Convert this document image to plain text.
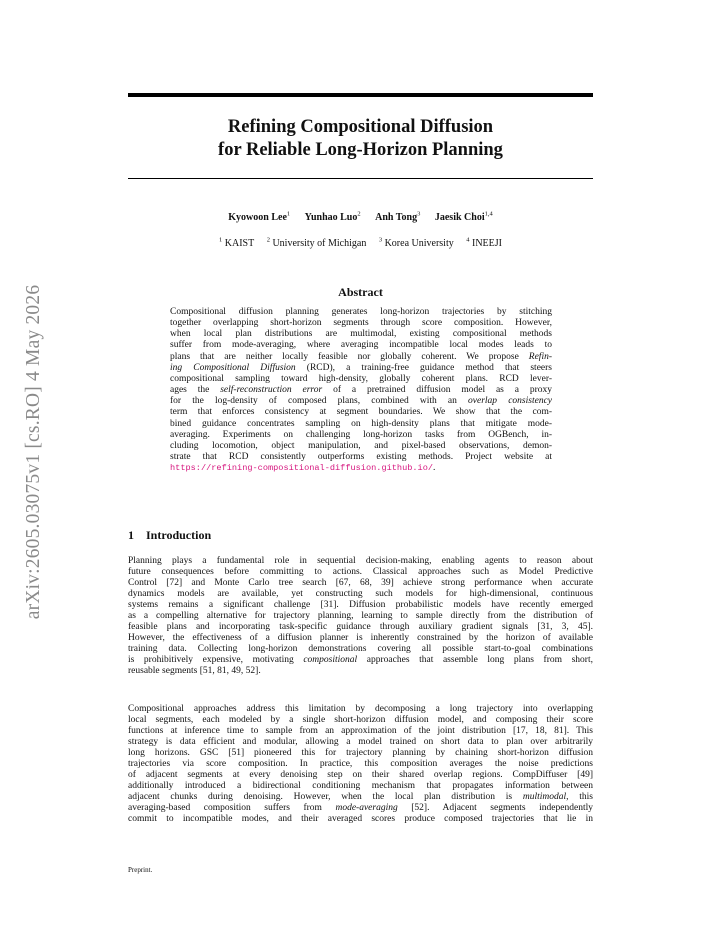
arXiv:2605.03075v1 [cs.RO] 4 May 2026
Refining Compositional Diffusion
for Reliable Long-Horizon Planning
Kyowoon Lee$^1$ Yunhao Luo$^2$ Anh Tong$^3$ Jaesik Choi$^{1,4}$
$^1$ KAIST $^2$ University of Michigan $^3$ Korea University $^4$ INEEJI
Abstract
Compositional diffusion planning generates long-horizon trajectories by stitching
together overlapping short-horizon segments through score composition. However,
when local plan distributions are multimodal, existing compositional methods
suffer from mode-averaging, where averaging incompatible local modes leads to
plans that are neither locally feasible nor globally coherent. We propose Refin-
ing Compositional Diffusion (RCD), a training-free guidance method that steers
compositional sampling toward high-density, globally coherent plans. RCD lever-
ages the self-reconstruction error of a pretrained diffusion model as a proxy
for the log-density of composed plans, combined with an overlap consistency
term that enforces consistency at segment boundaries. We show that the com-
bined guidance concentrates sampling on high-density plans that mitigate mode-
averaging. Experiments on challenging long-horizon tasks from OGBench, in-
cluding locomotion, object manipulation, and pixel-based observations, demon-
strate that RCD consistently outperforms existing methods. Project website at
https://refining-compositional-diffusion.github.io/.
1 Introduction
Planning plays a fundamental role in sequential decision-making, enabling agents to reason about
future consequences before committing to actions. Classical approaches such as Model Predictive
Control [72] and Monte Carlo tree search [67, 68, 39] achieve strong performance when accurate
dynamics models are available, yet constructing such models for high-dimensional, continuous
systems remains a significant challenge [31]. Diffusion probabilistic models have recently emerged
as a compelling alternative for trajectory planning, learning to sample directly from the distribution of
feasible plans and incorporating task-specific guidance through auxiliary gradient signals [31, 3, 45].
However, the effectiveness of a diffusion planner is inherently constrained by the horizon of available
training data. Collecting long-horizon demonstrations covering all possible start-to-goal combinations
is prohibitively expensive, motivating compositional approaches that assemble long plans from short,
reusable segments [51, 81, 49, 52].
Compositional approaches address this limitation by decomposing a long trajectory into overlapping
local segments, each modeled by a single short-horizon diffusion model, and composing their score
functions at inference time to sample from an approximation of the joint distribution [17, 18, 81]. This
strategy is data efficient and modular, allowing a model trained on short data to plan over arbitrarily
long horizons. GSC [51] pioneered this for trajectory planning by chaining short-horizon diffusion
trajectories via score composition. In practice, this composition averages the noise predictions
of adjacent segments at every denoising step on their shared overlap regions. CompDiffuser [49]
additionally introduced a bidirectional conditioning mechanism that propagates information between
adjacent chunks during denoising. However, when the local plan distribution is multimodal, this
averaging-based composition suffers from mode-averaging [52]. Adjacent segments independently
commit to incompatible modes, and their averaged scores produce composed trajectories that lie in
Preprint.
